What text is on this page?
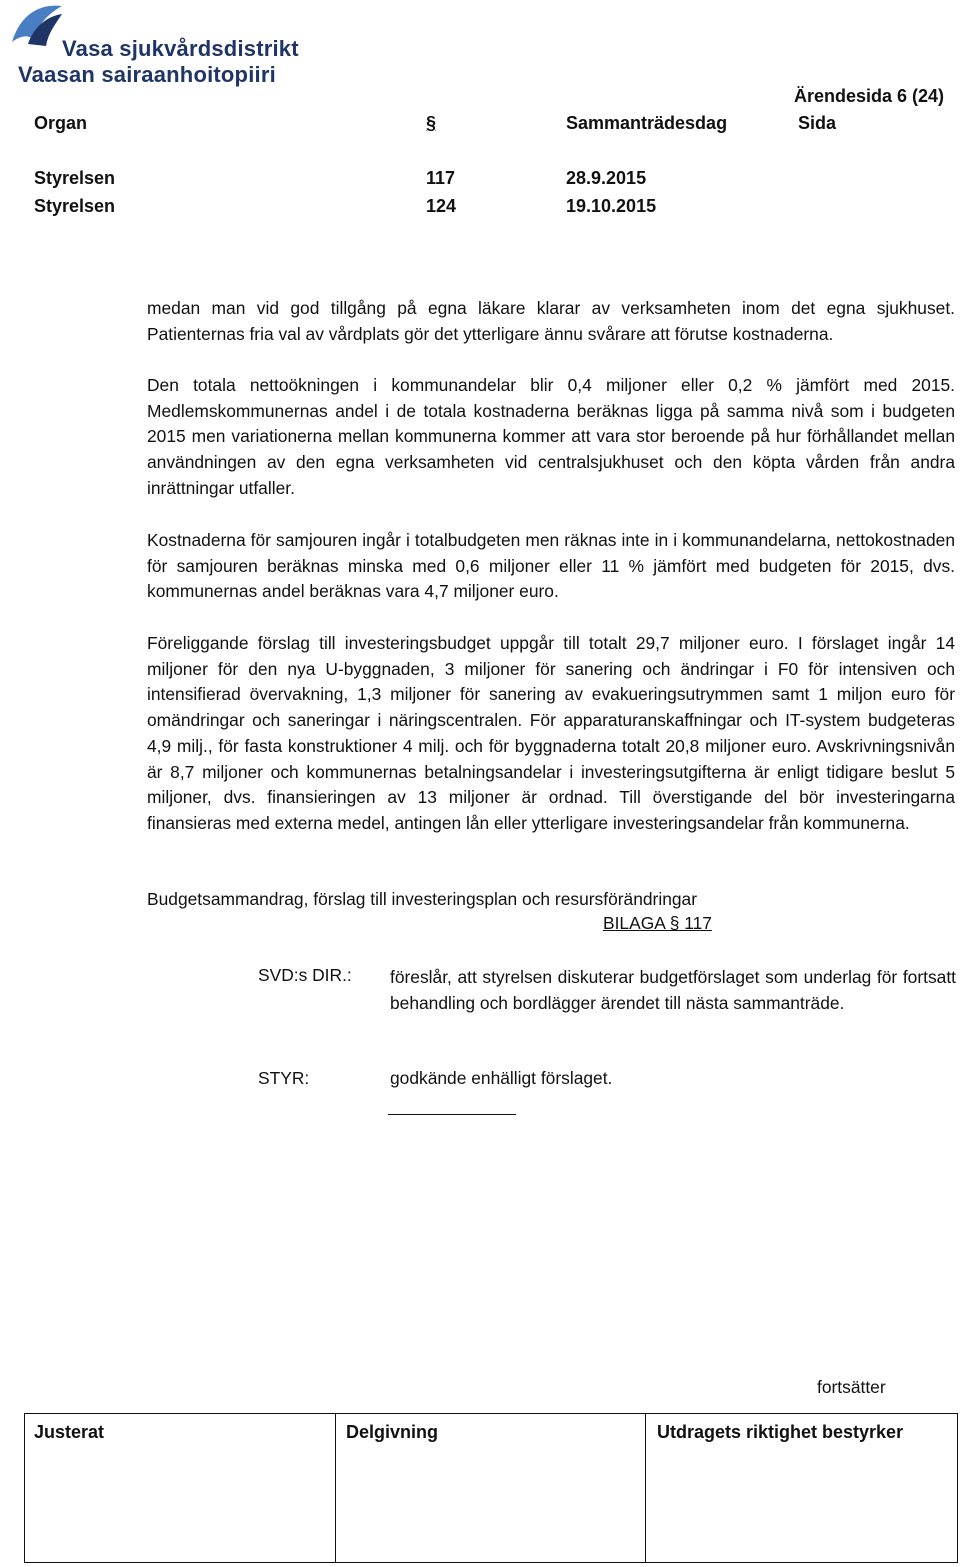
Vasa sjukvårdsdistrikt
Vaasan sairaanhoitopiiri
Ärendesida 6 (24)
Organ	§	Sammanträdesdag	Sida
Styrelsen	117	28.9.2015
Styrelsen	124	19.10.2015

medan man vid god tillgång på egna läkare klarar av verksamheten inom det egna sjukhuset. Patienternas fria val av vårdplats gör det ytterligare ännu svårare att förutse kostnaderna.

Den totala nettoökningen i kommunandelar blir 0,4 miljoner eller 0,2 % jämfört med 2015. Medlemskommunernas andel i de totala kostnaderna beräknas ligga på samma nivå som i budgeten 2015 men variationerna mellan kommunerna kommer att vara stor beroende på hur förhållandet mellan användningen av den egna verksamheten vid centralsjukhuset och den köpta vården från andra inrättningar utfaller.

Kostnaderna för samjouren ingår i totalbudgeten men räknas inte in i kommunandelarna, nettokostnaden för samjouren beräknas minska med 0,6 miljoner eller 11 % jämfört med budgeten för 2015, dvs. kommunernas andel beräknas vara 4,7 miljoner euro.

Föreliggande förslag till investeringsbudget uppgår till totalt 29,7 miljoner euro. I förslaget ingår 14 miljoner för den nya U-byggnaden, 3 miljoner för sanering och ändringar i F0 för intensiven och intensifierad övervakning, 1,3 miljoner för sanering av evakueringsutrymmen samt 1 miljon euro för omändringar och saneringar i näringscentralen. För apparaturanskaffningar och IT-system budgeteras 4,9 milj., för fasta konstruktioner 4 milj. och för byggnaderna totalt 20,8 miljoner euro. Avskrivningsnivån är 8,7 miljoner och kommunernas betalningsandelar i investeringsutgifterna är enligt tidigare beslut 5 miljoner, dvs. finansieringen av 13 miljoner är ordnad. Till överstigande del bör investeringarna finansieras med externa medel, antingen lån eller ytterligare investeringsandelar från kommunerna.

Budgetsammandrag, förslag till investeringsplan och resursförändringar
BILAGA § 117
SVD:s DIR.: föreslår, att styrelsen diskuterar budgetförslaget som underlag för fortsatt behandling och bordlägger ärendet till nästa sammanträde.
STYR:	godkände enhälligt förslaget.
fortsätter
Justerat	Delgivning	Utdragets riktighet bestyrker
